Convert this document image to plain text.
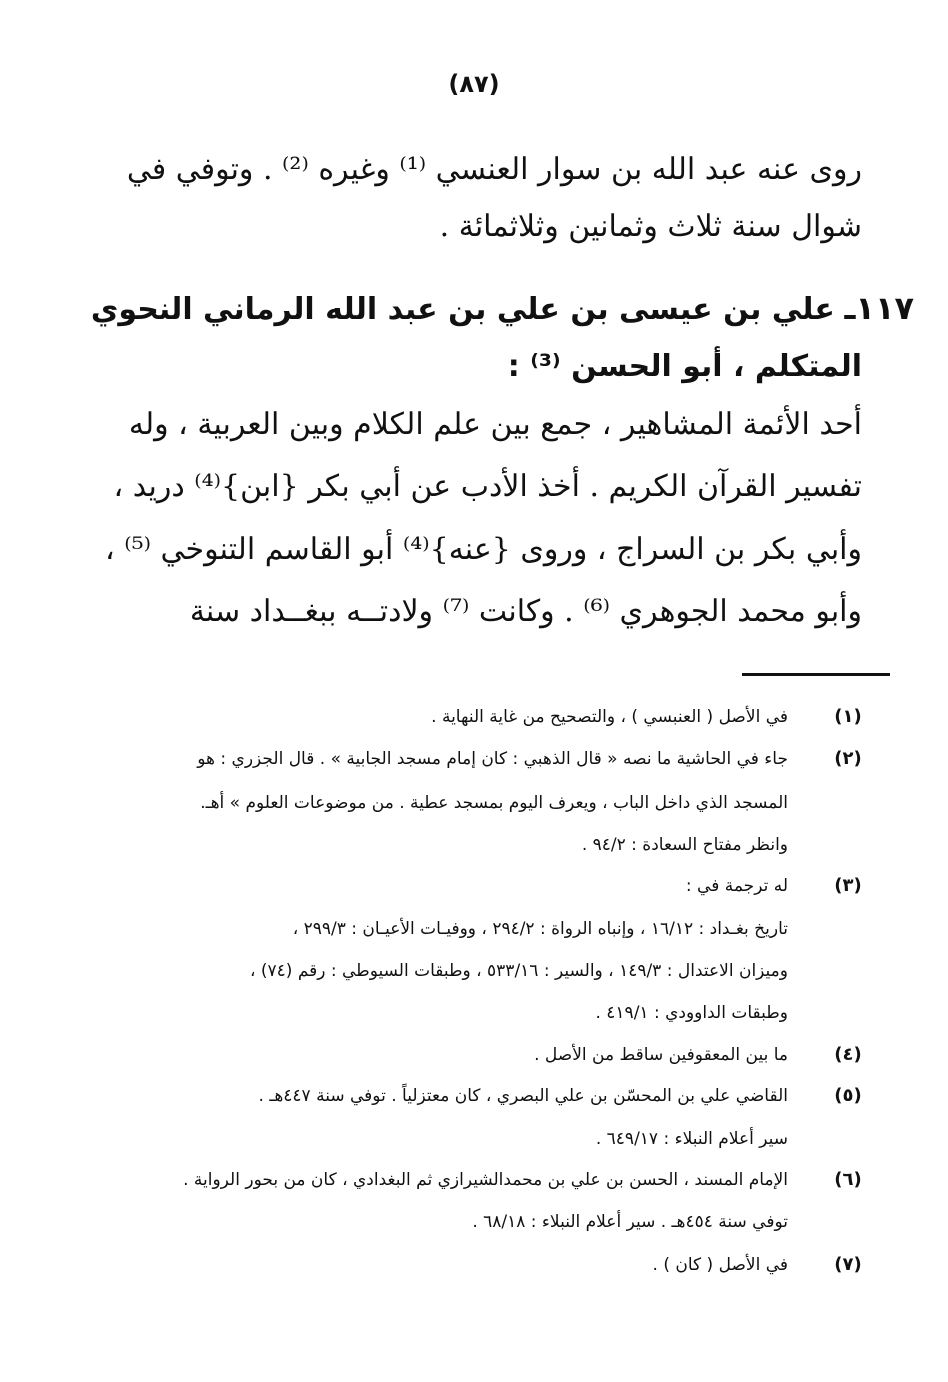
(٨٧)
روى عنه عبد الله بن سوار العنسي ⁽¹⁾ وغيره ⁽²⁾ . وتوفي في
شوال سنة ثلاث وثمانين وثلاثمائة .
١١٧ـ علي بن عيسى بن علي بن عبد الله الرماني النحوي
المتكلم ، أبو الحسن ⁽³⁾ :
أحد الأئمة المشاهير ، جمع بين علم الكلام وبين العربية ، وله
تفسير القرآن الكريم . أخذ الأدب عن أبي بكر {ابن}⁽⁴⁾ دريد ،
وأبي بكر بن السراج ، وروى {عنه}⁽⁴⁾ أبو القاسم التنوخي ⁽⁵⁾ ،
وأبو محمد الجوهري ⁽⁶⁾ . وكانت ⁽⁷⁾ ولادتــه ببغــداد سنة
(١)
في الأصل ( العنبسي ) ، والتصحيح من غاية النهاية .
(٢)
جاء في الحاشية ما نصه « قال الذهبي : كان إمام مسجد الجابية » . قال الجزري : هو
المسجد الذي داخل الباب ، ويعرف اليوم بمسجد عطية . من موضوعات العلوم » أهـ.
وانظر مفتاح السعادة : ٩٤/٢ .
(٣)
له ترجمة في :
تاريخ بغـداد : ١٦/١٢ ، وإنباه الرواة : ٢٩٤/٢ ، ووفيـات الأعيـان : ٢٩٩/٣ ،
وميزان الاعتدال : ١٤٩/٣ ، والسير : ٥٣٣/١٦ ، وطبقات السيوطي : رقم (٧٤) ،
وطبقات الداوودي : ٤١٩/١ .
(٤)
ما بين المعقوفين ساقط من الأصل .
(٥)
القاضي علي بن المحسّن بن علي البصري ، كان معتزلياً . توفي سنة ٤٤٧هـ .
سير أعلام النبلاء : ٦٤٩/١٧ .
(٦)
الإمام المسند ، الحسن بن علي بن محمدالشيرازي ثم البغدادي ، كان من بحور الرواية .
توفي سنة ٤٥٤هـ . سير أعلام النبلاء : ٦٨/١٨ .
(٧)
في الأصل ( كان ) .
